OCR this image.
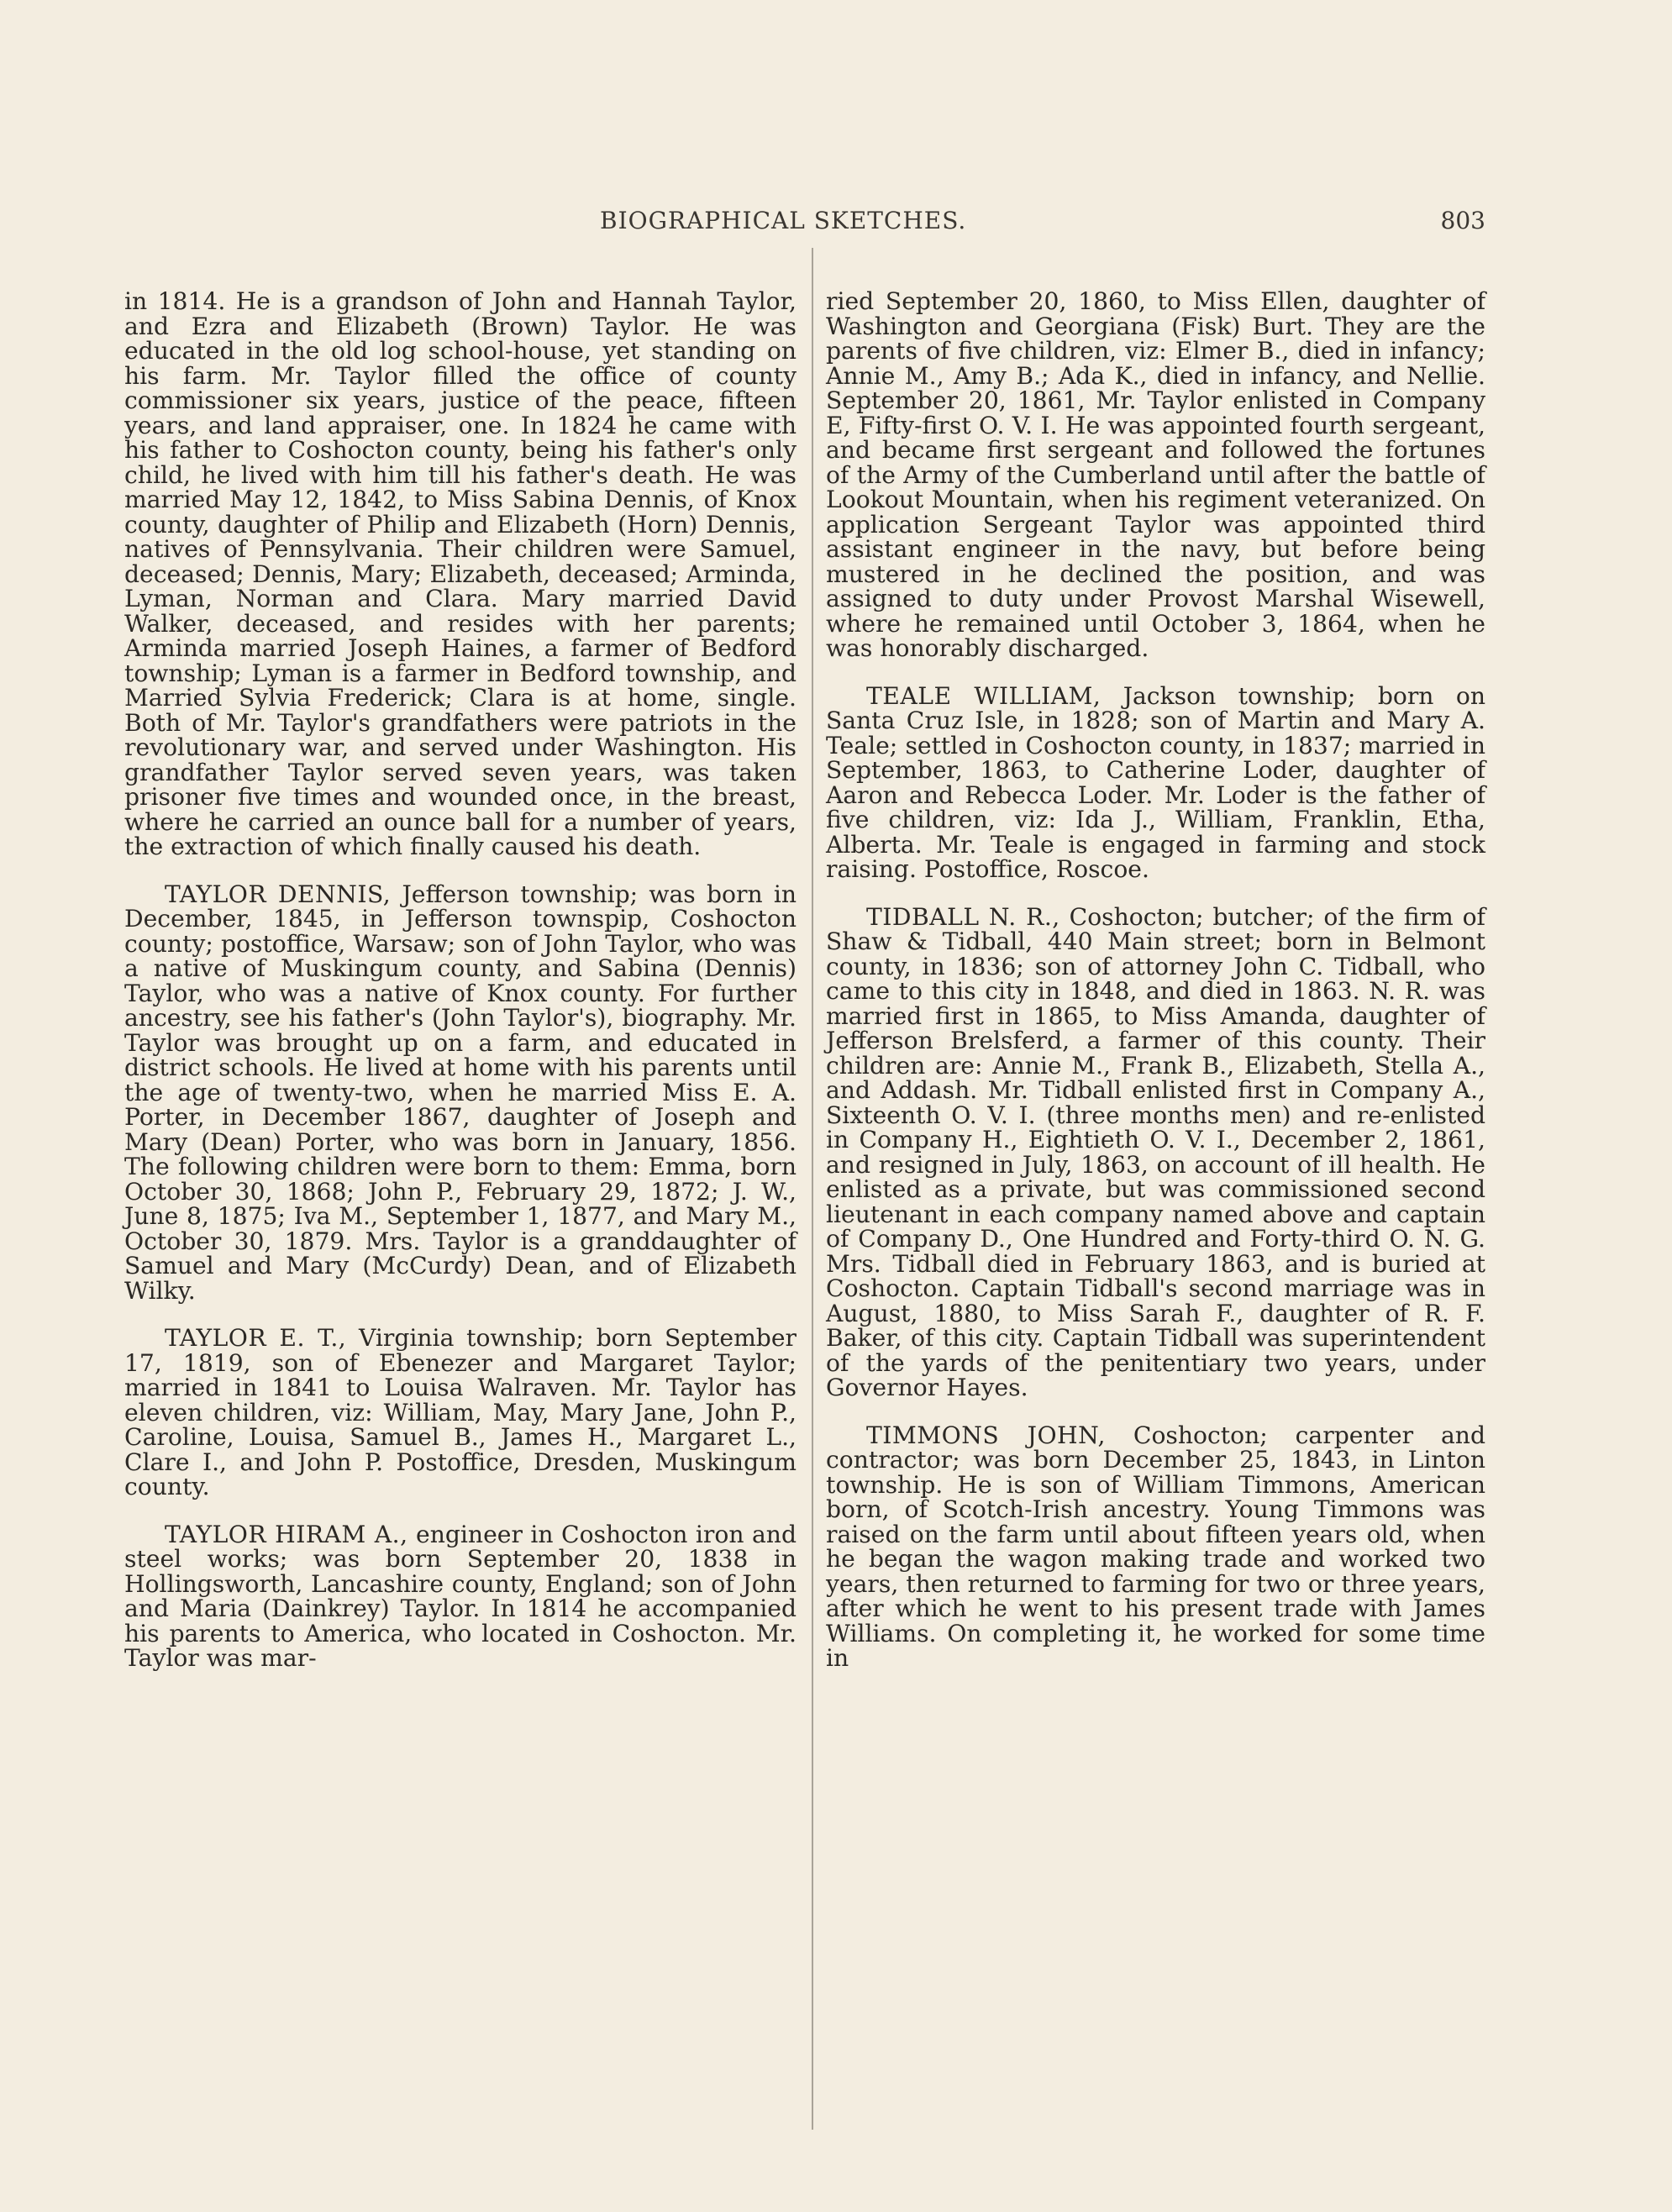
BIOGRAPHICAL SKETCHES.	803

in 1814. He is a grandson of John and Hannah Taylor, and Ezra and Elizabeth (Brown) Taylor. He was educated in the old log school-house, yet standing on his farm. Mr. Taylor filled the office of county commissioner six years, justice of the peace, fifteen years, and land appraiser, one. In 1824 he came with his father to Coshocton county, being his father's only child, he lived with him till his father's death. He was married May 12, 1842, to Miss Sabina Dennis, of Knox county, daughter of Philip and Elizabeth (Horn) Dennis, natives of Pennsylvania. Their children were Samuel, deceased; Dennis, Mary; Elizabeth, deceased; Arminda, Lyman, Norman and Clara. Mary married David Walker, deceased, and resides with her parents; Arminda married Joseph Haines, a farmer of Bedford township; Lyman is a farmer in Bedford township, and Married Sylvia Frederick; Clara is at home, single. Both of Mr. Taylor's grandfathers were patriots in the revolutionary war, and served under Washington. His grandfather Taylor served seven years, was taken prisoner five times and wounded once, in the breast, where he carried an ounce ball for a number of years, the extraction of which finally caused his death.

TAYLOR DENNIS, Jefferson township; was born in December, 1845, in Jefferson townspip, Coshocton county; postoffice, Warsaw; son of John Taylor, who was a native of Muskingum county, and Sabina (Dennis) Taylor, who was a native of Knox county. For further ancestry, see his father's (John Taylor's), biography. Mr. Taylor was brought up on a farm, and educated in district schools. He lived at home with his parents until the age of twenty-two, when he married Miss E. A. Porter, in December 1867, daughter of Joseph and Mary (Dean) Porter, who was born in January, 1856. The following children were born to them: Emma, born October 30, 1868; John P., February 29, 1872; J. W., June 8, 1875; Iva M., September 1, 1877, and Mary M., October 30, 1879. Mrs. Taylor is a granddaughter of Samuel and Mary (McCurdy) Dean, and of Elizabeth Wilky.

TAYLOR E. T., Virginia township; born September 17, 1819, son of Ebenezer and Margaret Taylor; married in 1841 to Louisa Walraven. Mr. Taylor has eleven children, viz: William, May, Mary Jane, John P., Caroline, Louisa, Samuel B., James H., Margaret L., Clare I., and John P. Postoffice, Dresden, Muskingum county.

TAYLOR HIRAM A., engineer in Coshocton iron and steel works; was born September 20, 1838 in Hollingsworth, Lancashire county, England; son of John and Maria (Dainkrey) Taylor. In 1814 he accompanied his parents to America, who located in Coshocton. Mr. Taylor was mar-

ried September 20, 1860, to Miss Ellen, daughter of Washington and Georgiana (Fisk) Burt. They are the parents of five children, viz: Elmer B., died in infancy; Annie M., Amy B.; Ada K., died in infancy, and Nellie. September 20, 1861, Mr. Taylor enlisted in Company E, Fifty-first O. V. I. He was appointed fourth sergeant, and became first sergeant and followed the fortunes of the Army of the Cumberland until after the battle of Lookout Mountain, when his regiment veteranized. On application Sergeant Taylor was appointed third assistant engineer in the navy, but before being mustered in he declined the position, and was assigned to duty under Provost Marshal Wisewell, where he remained until October 3, 1864, when he was honorably discharged.

TEALE WILLIAM, Jackson township; born on Santa Cruz Isle, in 1828; son of Martin and Mary A. Teale; settled in Coshocton county, in 1837; married in September, 1863, to Catherine Loder, daughter of Aaron and Rebecca Loder. Mr. Loder is the father of five children, viz: Ida J., William, Franklin, Etha, Alberta. Mr. Teale is engaged in farming and stock raising. Postoffice, Roscoe.

TIDBALL N. R., Coshocton; butcher; of the firm of Shaw & Tidball, 440 Main street; born in Belmont county, in 1836; son of attorney John C. Tidball, who came to this city in 1848, and died in 1863. N. R. was married first in 1865, to Miss Amanda, daughter of Jefferson Brelsferd, a farmer of this county. Their children are: Annie M., Frank B., Elizabeth, Stella A., and Addash. Mr. Tidball enlisted first in Company A., Sixteenth O. V. I. (three months men) and re-enlisted in Company H., Eightieth O. V. I., December 2, 1861, and resigned in July, 1863, on account of ill health. He enlisted as a private, but was commissioned second lieutenant in each company named above and captain of Company D., One Hundred and Forty-third O. N. G. Mrs. Tidball died in February 1863, and is buried at Coshocton. Captain Tidball's second marriage was in August, 1880, to Miss Sarah F., daughter of R. F. Baker, of this city. Captain Tidball was superintendent of the yards of the penitentiary two years, under Governor Hayes.

TIMMONS JOHN, Coshocton; carpenter and contractor; was born December 25, 1843, in Linton township. He is son of William Timmons, American born, of Scotch-Irish ancestry. Young Timmons was raised on the farm until about fifteen years old, when he began the wagon making trade and worked two years, then returned to farming for two or three years, after which he went to his present trade with James Williams. On completing it, he worked for some time in
